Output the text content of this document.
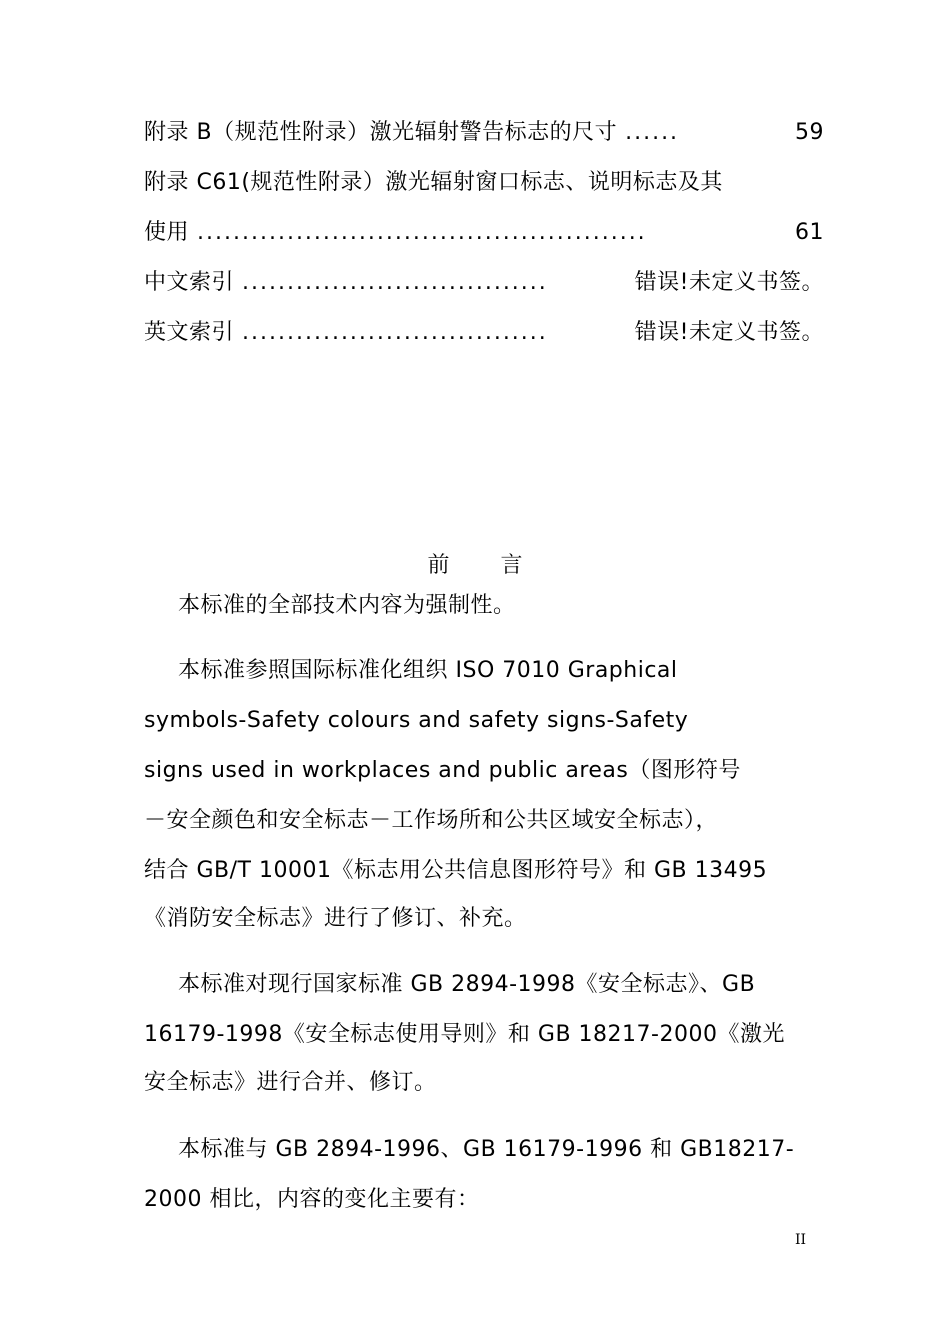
附录 B（规范性附录）激光辐射警告标志的尺寸 ......	59
附录 C61(规范性附录）激光辐射窗口标志、说明标志及其
使用 ..................................................	61
中文索引 ..................................	错误!未定义书签。
英文索引 ..................................	错误!未定义书签。
前 言
本标准的全部技术内容为强制性。
本标准参照国际标准化组织 ISO 7010 Graphical
symbols-Safety colours and safety signs-Safety
signs used in workplaces and public areas（图形符号
－安全颜色和安全标志－工作场所和公共区域安全标志），
结合 GB/T 10001《标志用公共信息图形符号》和 GB 13495
《消防安全标志》进行了修订、补充。
本标准对现行国家标准 GB 2894-1998《安全标志》、GB
16179-1998《安全标志使用导则》和 GB 18217-2000《激光
安全标志》进行合并、修订。
本标准与 GB 2894-1996、GB 16179-1996 和 GB18217-
2000 相比，内容的变化主要有：
II
